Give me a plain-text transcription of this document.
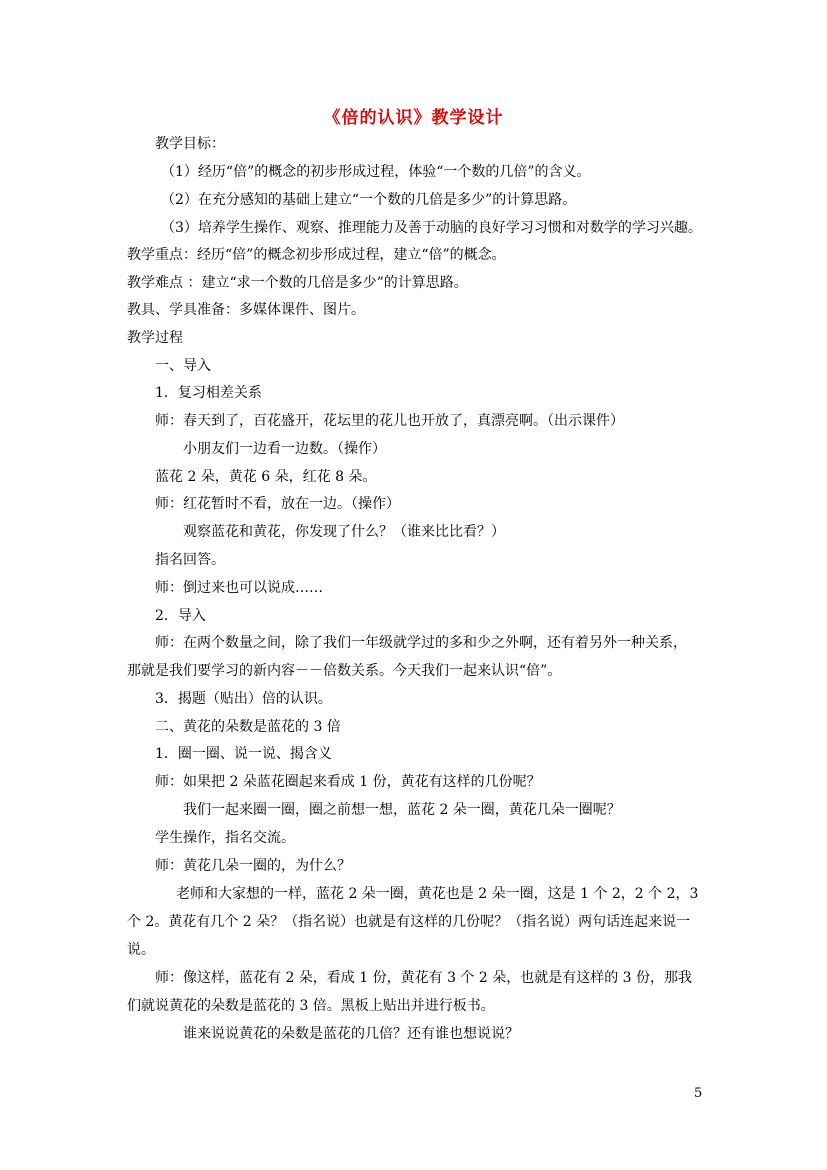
《倍的认识》教学设计
教学目标：
（1）经历“倍”的概念的初步形成过程，体验“一个数的几倍”的含义。
（2）在充分感知的基础上建立“一个数的几倍是多少”的计算思路。
（3）培养学生操作、观察、推理能力及善于动脑的良好学习习惯和对数学的学习兴趣。
教学重点：经历“倍”的概念初步形成过程，建立“倍”的概念。
教学难点 ：建立“求一个数的几倍是多少”的计算思路。
教具、学具准备：多媒体课件、图片。
教学过程
一、导入
1．复习相差关系
师：春天到了，百花盛开，花坛里的花儿也开放了，真漂亮啊。（出示课件）
小朋友们一边看一边数。（操作）
蓝花 2 朵，黄花 6 朵，红花 8 朵。
师：红花暂时不看，放在一边。（操作）
观察蓝花和黄花，你发现了什么？（谁来比比看？）
指名回答。
师：倒过来也可以说成……
2．导入
师：在两个数量之间，除了我们一年级就学过的多和少之外啊，还有着另外一种关系，
那就是我们要学习的新内容－－倍数关系。今天我们一起来认识“倍”。
3．揭题（贴出）倍的认识。
二、黄花的朵数是蓝花的 3 倍
1．圈一圈、说一说、揭含义
师：如果把 2 朵蓝花圈起来看成 1 份，黄花有这样的几份呢？
我们一起来圈一圈，圈之前想一想，蓝花 2 朵一圈，黄花几朵一圈呢？
学生操作，指名交流。
师：黄花几朵一圈的，为什么？
老师和大家想的一样，蓝花 2 朵一圈，黄花也是 2 朵一圈，这是 1 个 2，2 个 2，3
个 2。黄花有几个 2 朵？（指名说）也就是有这样的几份呢？（指名说）两句话连起来说一
说。
师：像这样，蓝花有 2 朵，看成 1 份，黄花有 3 个 2 朵，也就是有这样的 3 份，那我
们就说黄花的朵数是蓝花的 3 倍。黑板上贴出并进行板书。
谁来说说黄花的朵数是蓝花的几倍？还有谁也想说说？
5
